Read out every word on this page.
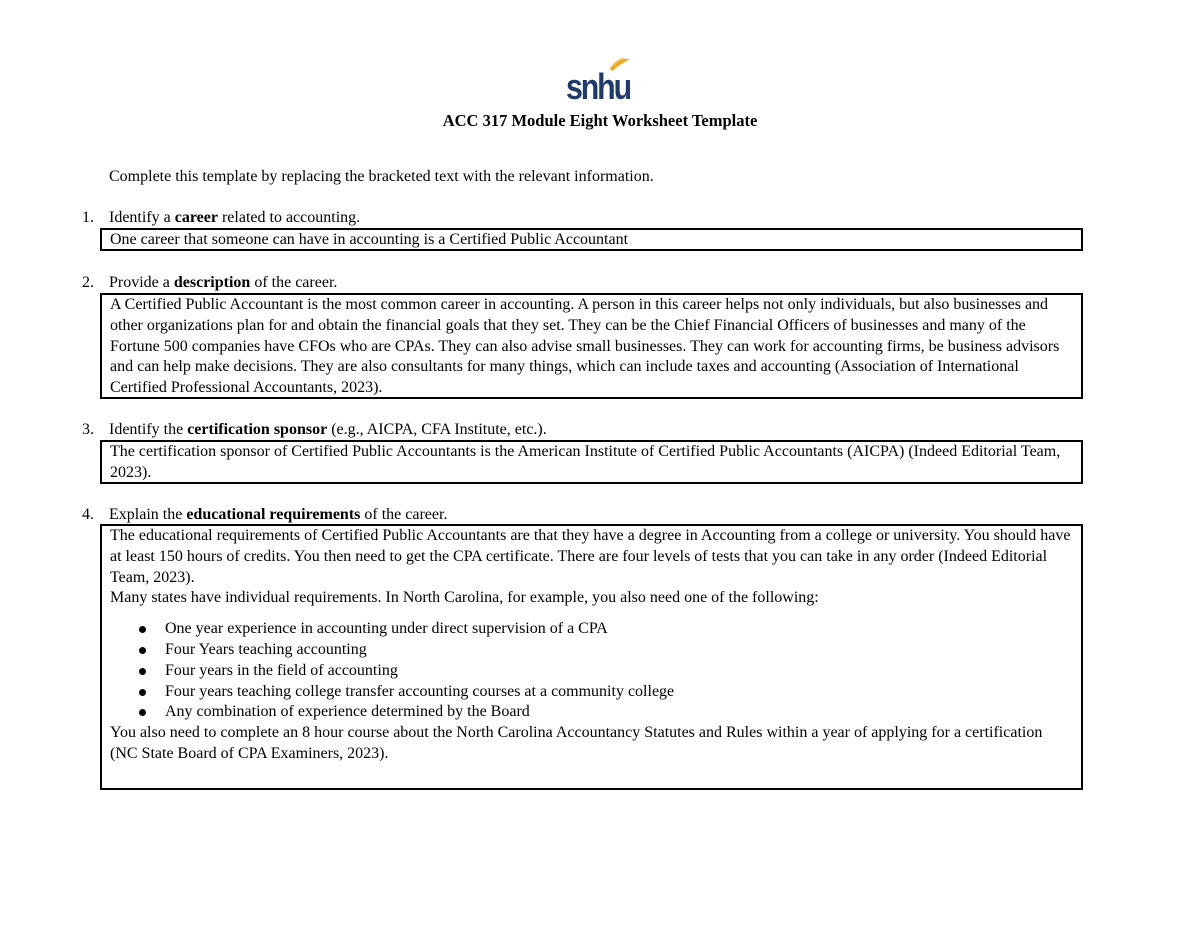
snhu
ACC 317 Module Eight Worksheet Template
Complete this template by replacing the bracketed text with the relevant information.
1. Identify a career related to accounting.

One career that someone can have in accounting is a Certified Public Accountant

2. Provide a description of the career.

A Certified Public Accountant is the most common career in accounting. A person in this career helps not only individuals, but also businesses and other organizations plan for and obtain the financial goals that they set. They can be the Chief Financial Officers of businesses and many of the Fortune 500 companies have CFOs who are CPAs. They can also advise small businesses. They can work for accounting firms, be business advisors and can help make decisions. They are also consultants for many things, which can include taxes and accounting (Association of International Certified Professional Accountants, 2023).

3. Identify the certification sponsor (e.g., AICPA, CFA Institute, etc.).

The certification sponsor of Certified Public Accountants is the American Institute of Certified Public Accountants (AICPA) (Indeed Editorial Team, 2023).

4. Explain the educational requirements of the career.

The educational requirements of Certified Public Accountants are that they have a degree in Accounting from a college or university. You should have at least 150 hours of credits. You then need to get the CPA certificate. There are four levels of tests that you can take in any order (Indeed Editorial Team, 2023).

Many states have individual requirements. In North Carolina, for example, you also need one of the following:

One year experience in accounting under direct supervision of a CPA
Four Years teaching accounting
Four years in the field of accounting
Four years teaching college transfer accounting courses at a community college
Any combination of experience determined by the Board

You also need to complete an 8 hour course about the North Carolina Accountancy Statutes and Rules within a year of applying for a certification (NC State Board of CPA Examiners, 2023).
